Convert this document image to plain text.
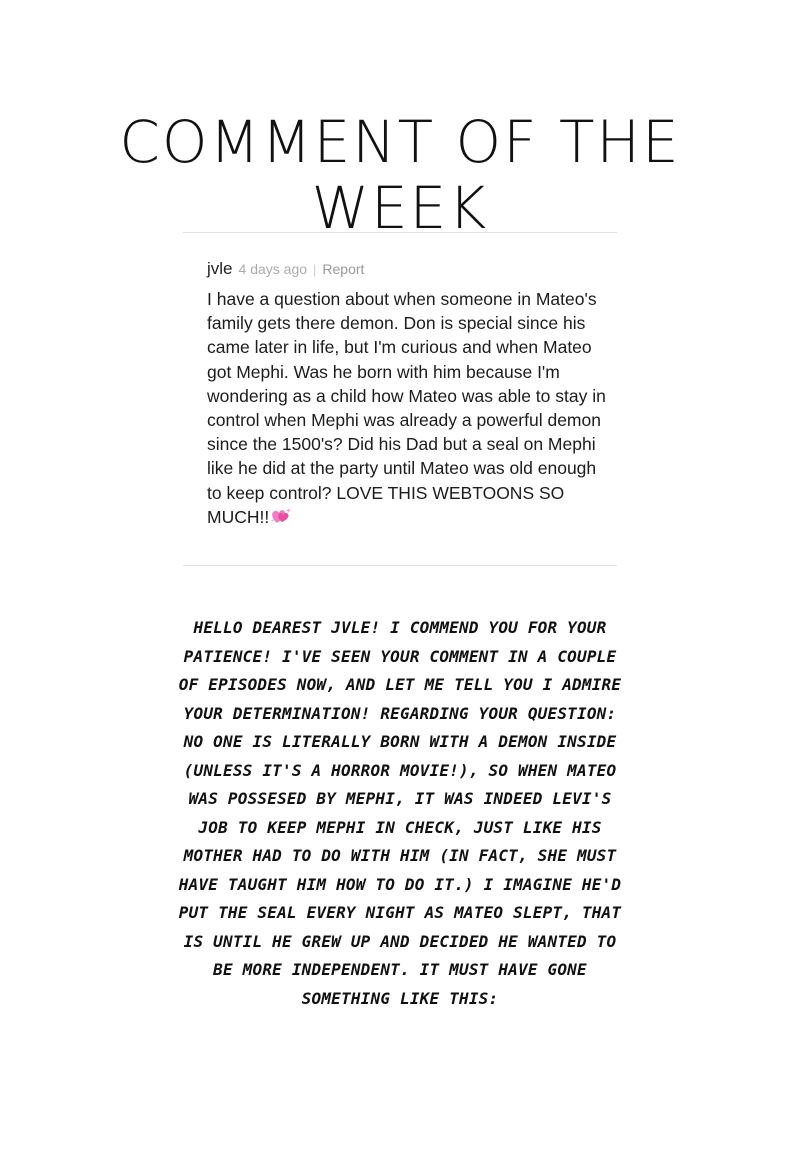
COMMENT OF THE
WEEK
jvle 4 days ago | Report

I have a question about when someone in Mateo's family gets there demon. Don is special since his came later in life, but I'm curious and when Mateo got Mephi. Was he born with him because I'm wondering as a child how Mateo was able to stay in control when Mephi was already a powerful demon since the 1500's? Did his Dad but a seal on Mephi like he did at the party until Mateo was old enough to keep control? LOVE THIS WEBTOONS SO MUCH!!

HELLO DEAREST JVLE! I COMMEND YOU FOR YOUR PATIENCE! I'VE SEEN YOUR COMMENT IN A COUPLE OF EPISODES NOW, AND LET ME TELL YOU I ADMIRE YOUR DETERMINATION! REGARDING YOUR QUESTION: NO ONE IS LITERALLY BORN WITH A DEMON INSIDE (UNLESS IT'S A HORROR MOVIE!), SO WHEN MATEO WAS POSSESED BY MEPHI, IT WAS INDEED LEVI'S JOB TO KEEP MEPHI IN CHECK, JUST LIKE HIS MOTHER HAD TO DO WITH HIM (IN FACT, SHE MUST HAVE TAUGHT HIM HOW TO DO IT.) I IMAGINE HE'D PUT THE SEAL EVERY NIGHT AS MATEO SLEPT, THAT IS UNTIL HE GREW UP AND DECIDED HE WANTED TO BE MORE INDEPENDENT. IT MUST HAVE GONE SOMETHING LIKE THIS:
